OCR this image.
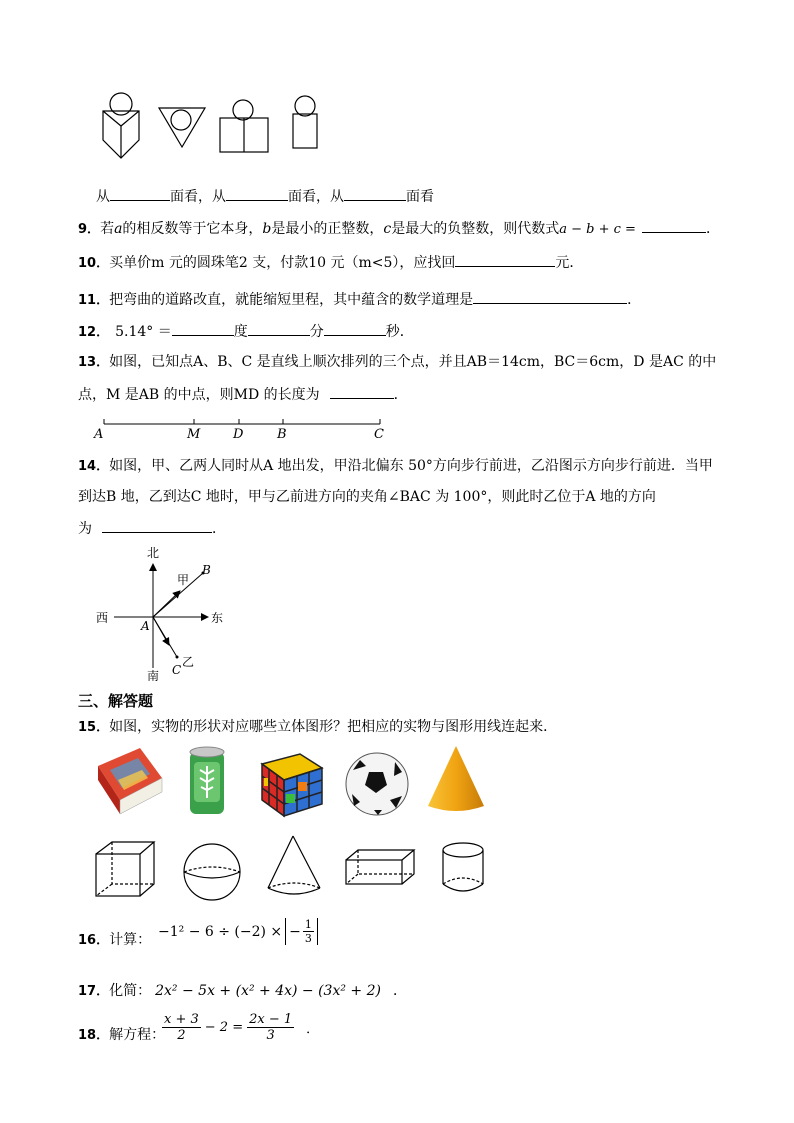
从	面看，从	面看，从	面看
9．若a的相反数等于它本身，b是最小的正整数，c是最大的负整数，则代数式a − b + c =	．
10．买单价m 元的圆珠笔2 支，付款10 元（m<5），应找回	元．
11．把弯曲的道路改直，就能缩短里程，其中蕴含的数学道理是	．
12． 5.14° ＝	度	分	秒．
13．如图，已知点A、B、C 是直线上顺次排列的三个点，并且AB＝14cm，BC＝6cm，D 是AC 的中
点，M 是AB 的中点，则MD 的长度为	．
A	M	D	B	C
14．如图，甲、乙两人同时从A 地出发，甲沿北偏东 50°方向步行前进，乙沿图示方向步行前进．当甲
到达B 地，乙到达C 地时，甲与乙前进方向的夹角∠BAC 为 100°，则此时乙位于A 地的方向
为	．
北
南
东
西
A
B
C
甲
乙
三、解答题
15．如图，实物的形状对应哪些立体图形？把相应的实物与图形用线连起来．
16．计算：
−1² − 6 ÷ (−2) × − $\frac{1}{3}$
17．化简： 2x² − 5x + (x² + 4x) − (3x² + 2) ．
18．解方程：
$\frac{x + 3}{2} - 2 = \frac{2x - 1}{3}$ ．
